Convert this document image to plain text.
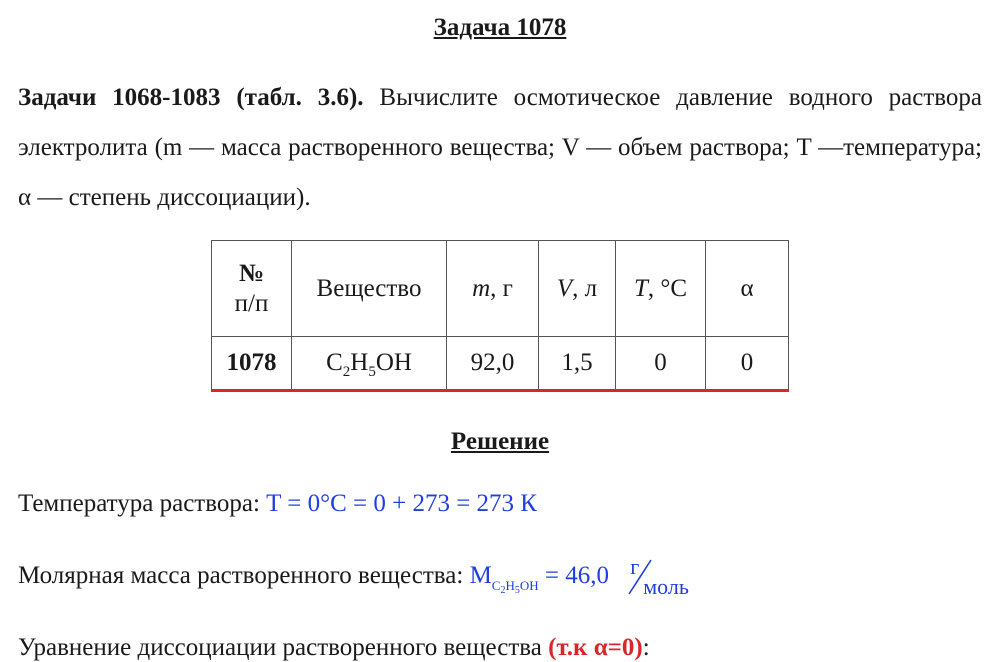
Задача 1078
Задачи 1068-1083 (табл. 3.6). Вычислите осмотическое давление водного раствора электролита (m — масса растворенного вещества; V — объем раствора; T —температура; α — степень диссоциации).
№
п/п	Вещество	m, г	V, л	T, °С	α
1078	$C_2H_5OH$	92,0	1,5	0	0
Решение
Температура раствора: T = 0°С = 0 + 273 = 273 К
Молярная масса растворенного вещества: $M_{C_2H_5OH} = 46,0$ г
моль
Уравнение диссоциации растворенного вещества (т.к α=0):
